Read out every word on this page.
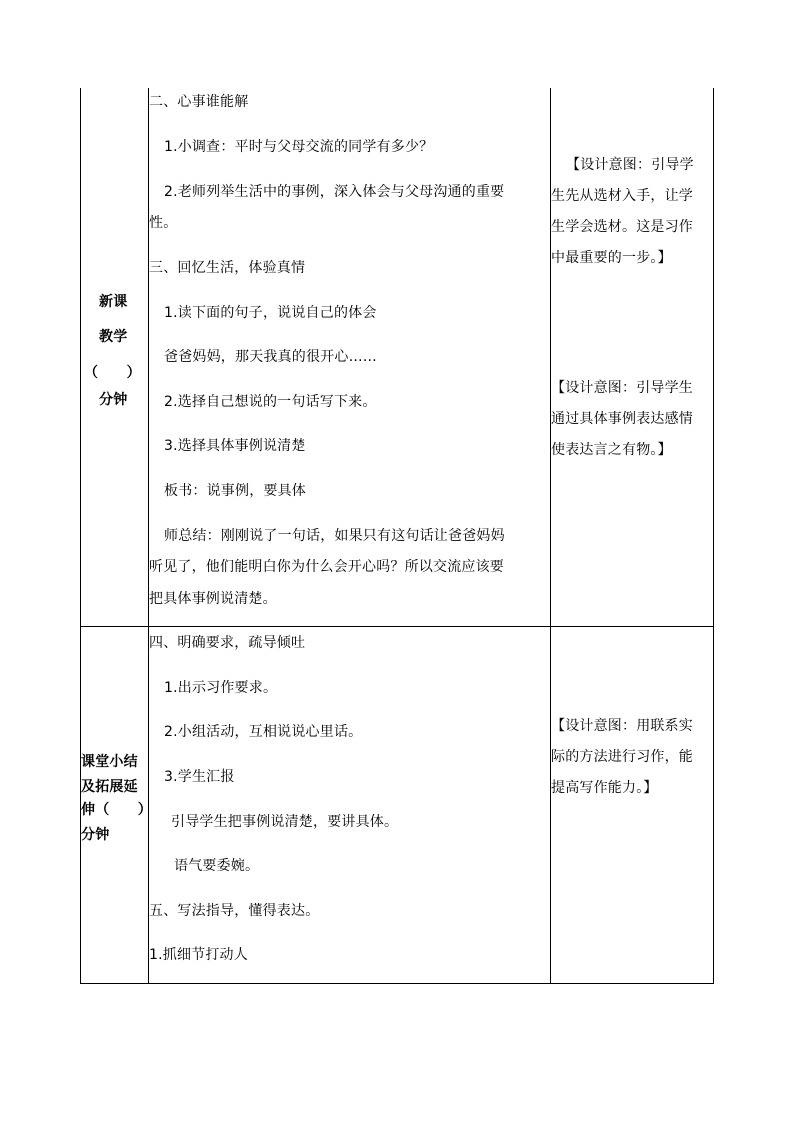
新课
教学
（　　）
分钟
二、心事谁能解
1.小调查：平时与父母交流的同学有多少？
2.老师列举生活中的事例，深入体会与父母沟通的重要
性。
三、回忆生活，体验真情
1.读下面的句子，说说自己的体会
爸爸妈妈，那天我真的很开心……
2.选择自己想说的一句话写下来。
3.选择具体事例说清楚
板书：说事例，要具体
师总结：刚刚说了一句话，如果只有这句话让爸爸妈妈
听见了，他们能明白你为什么会开心吗？所以交流应该要
把具体事例说清楚。
【设计意图：引导学
生先从选材入手，让学
生学会选材。这是习作
中最重要的一步。】
【设计意图：引导学生
通过具体事例表达感情
使表达言之有物。】
课堂小结
及拓展延
伸（　　）
分钟
四、明确要求，疏导倾吐
1.出示习作要求。
2.小组活动，互相说说心里话。
3.学生汇报
引导学生把事例说清楚，要讲具体。
语气要委婉。
五、写法指导，懂得表达。
1.抓细节打动人
【设计意图：用联系实
际的方法进行习作，能
提高写作能力。】
